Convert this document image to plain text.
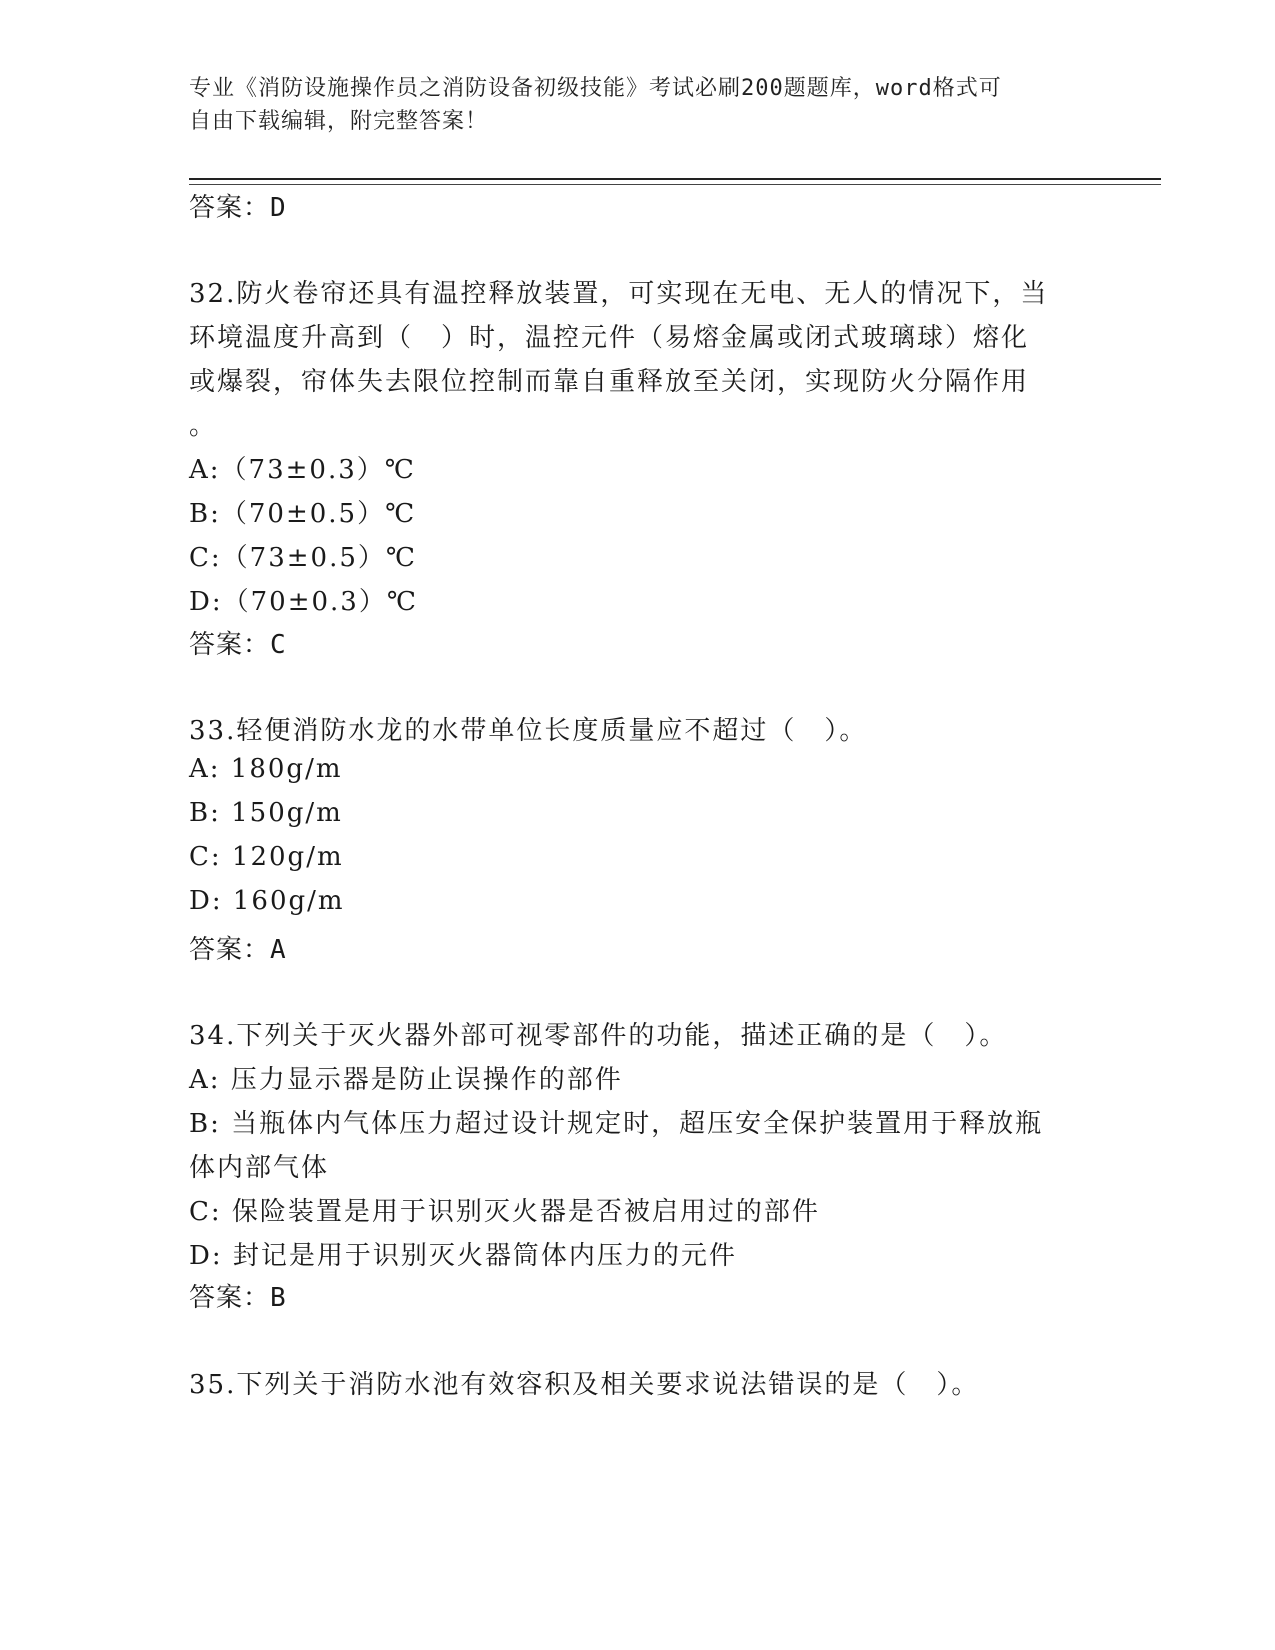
专业《消防设施操作员之消防设备初级技能》考试必刷200题题库，word格式可
自由下载编辑，附完整答案！
答案：D
32.防火卷帘还具有温控释放装置，可实现在无电、无人的情况下，当
环境温度升高到（　）时，温控元件（易熔金属或闭式玻璃球）熔化
或爆裂，帘体失去限位控制而靠自重释放至关闭，实现防火分隔作用
。
A:（73±0.3）℃
B:（70±0.5）℃
C:（73±0.5）℃
D:（70±0.3）℃
答案：C
33.轻便消防水龙的水带单位长度质量应不超过（　）。
A: 180g/m
B: 150g/m
C: 120g/m
D: 160g/m
答案：A
34.下列关于灭火器外部可视零部件的功能，描述正确的是（　）。
A: 压力显示器是防止误操作的部件
B: 当瓶体内气体压力超过设计规定时，超压安全保护装置用于释放瓶
体内部气体
C: 保险装置是用于识别灭火器是否被启用过的部件
D: 封记是用于识别灭火器筒体内压力的元件
答案：B
35.下列关于消防水池有效容积及相关要求说法错误的是（　）。
